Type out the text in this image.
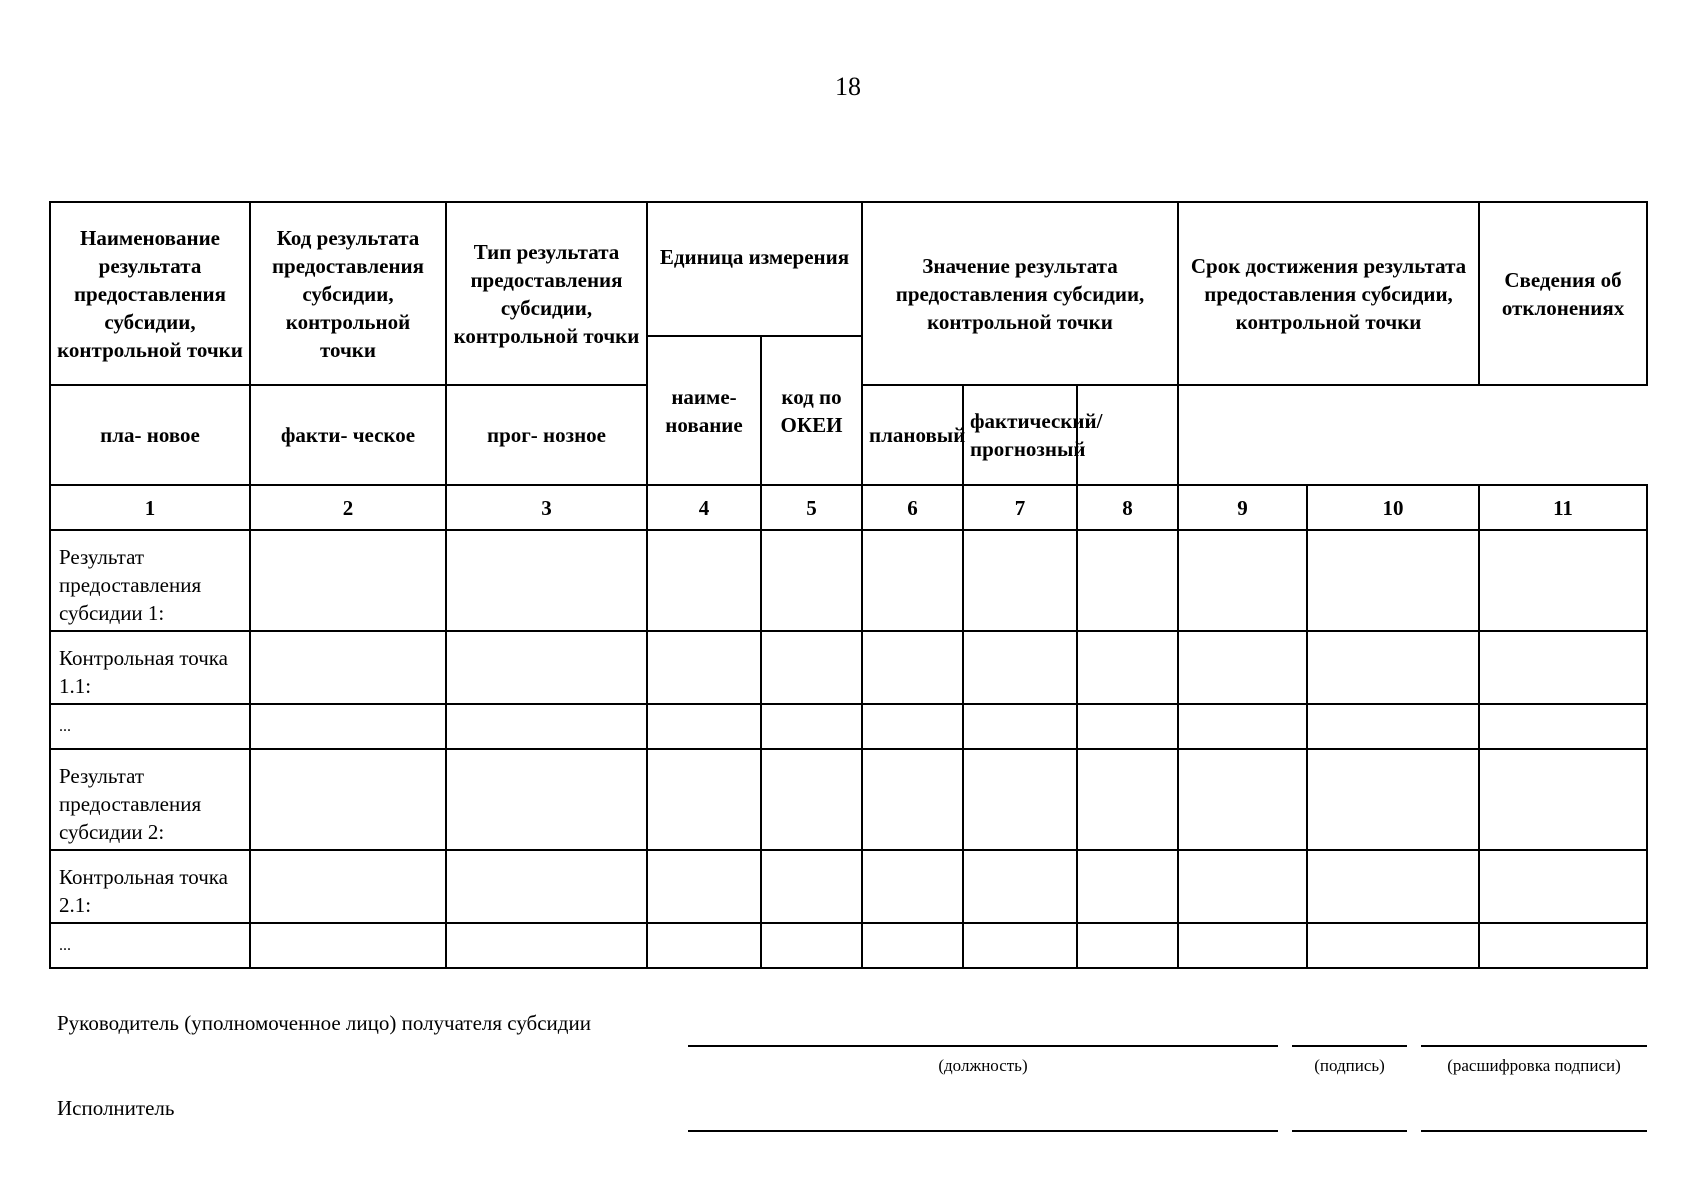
18
Наименование результата предоставления субсидии, контрольной точки	Код результата предоставления субсидии, контрольной точки	Тип результата предоставления субсидии, контрольной точки	Единица измерения		Значение результата предоставления субсидии, контрольной точки			Срок достижения результата предоставления субсидии, контрольной точки		Сведения об отклонениях

			наиме- нование	код по ОКЕИ						
пла- новое	факти- ческое	прог- нозное			плановый	фактический/ прогнозный				
1	2	3	4	5	6	7	8	9	10	11
Результат предоставления субсидии 1:										
Контрольная точка 1.1:										
...										
Результат предоставления субсидии 2:										
Контрольная точка 2.1:										
...										
Руководитель (уполномоченное лицо) получателя субсидии
(должность)	(подпись)	(расшифровка подписи)
Исполнитель
